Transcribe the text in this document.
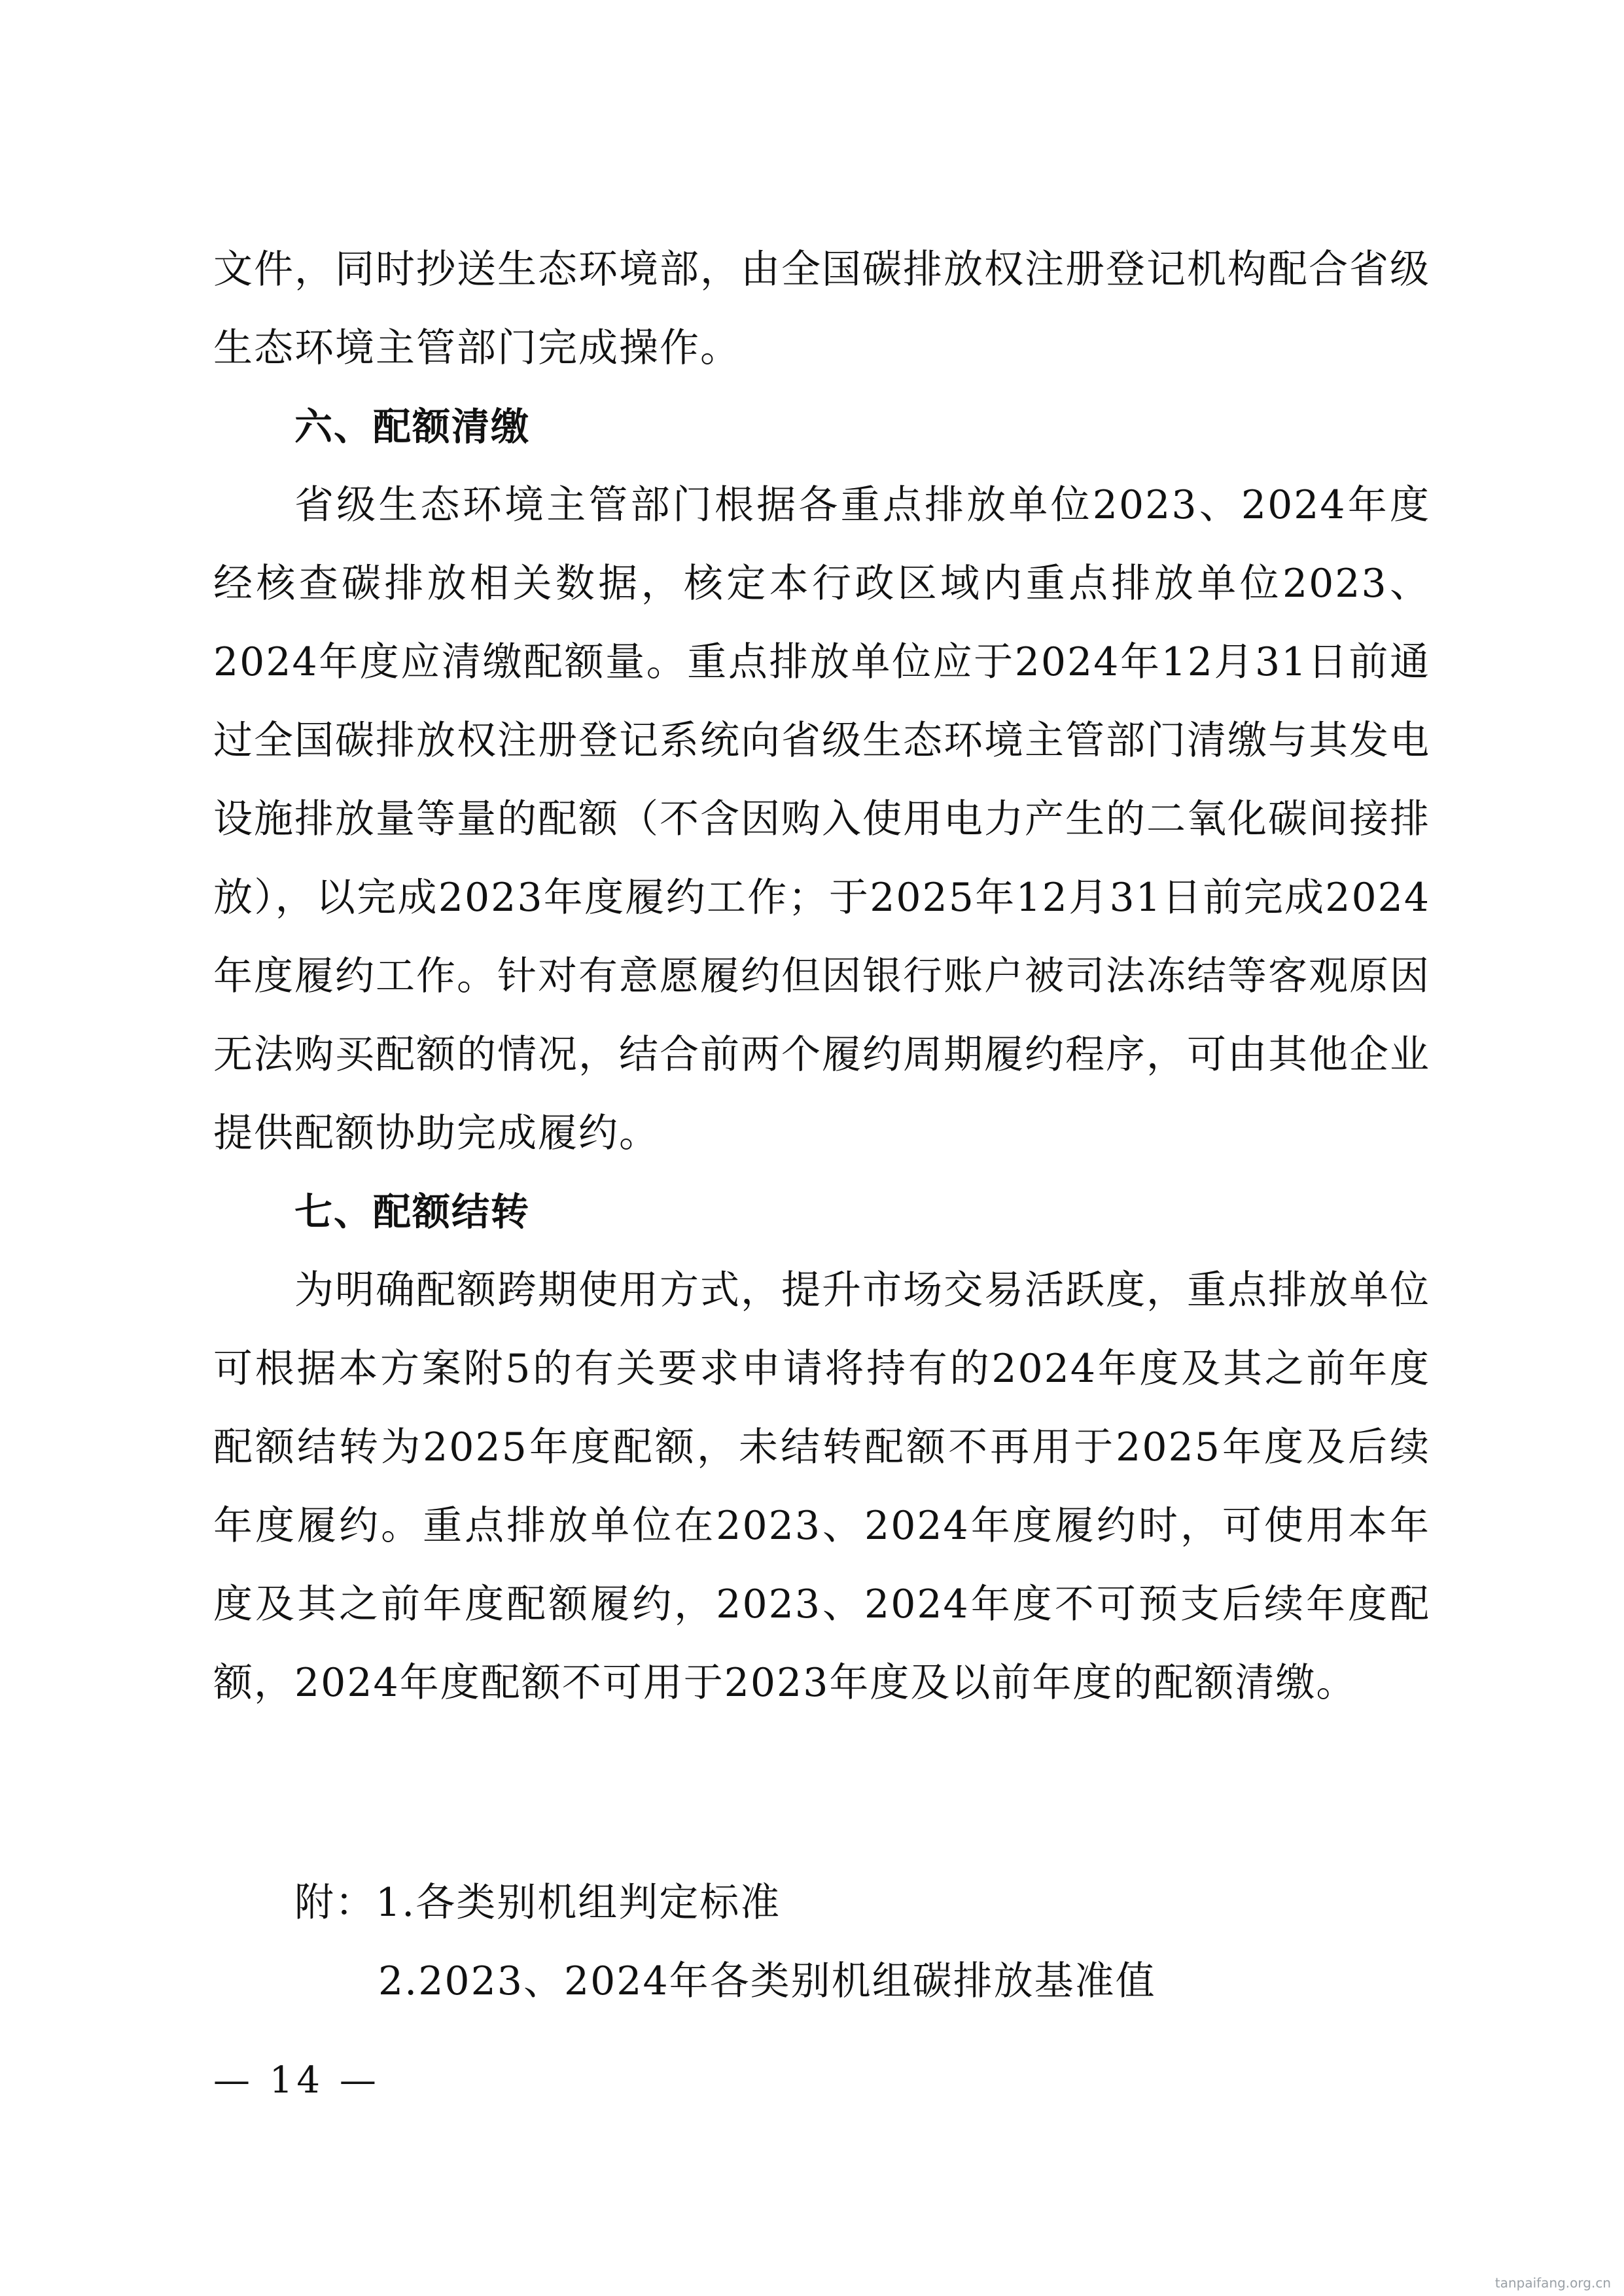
文件，同时抄送生态环境部，由全国碳排放权注册登记机构配合省级生态环境主管部门完成操作。

六、配额清缴

省级生态环境主管部门根据各重点排放单位2023、2024年度经核查碳排放相关数据，核定本行政区域内重点排放单位2023、2024年度应清缴配额量。重点排放单位应于2024年12月31日前通过全国碳排放权注册登记系统向省级生态环境主管部门清缴与其发电设施排放量等量的配额（不含因购入使用电力产生的二氧化碳间接排放），以完成2023年度履约工作；于2025年12月31日前完成2024年度履约工作。针对有意愿履约但因银行账户被司法冻结等客观原因无法购买配额的情况，结合前两个履约周期履约程序，可由其他企业提供配额协助完成履约。

七、配额结转

为明确配额跨期使用方式，提升市场交易活跃度，重点排放单位可根据本方案附5的有关要求申请将持有的2024年度及其之前年度配额结转为2025年度配额，未结转配额不再用于2025年度及后续年度履约。重点排放单位在2023、2024年度履约时，可使用本年度及其之前年度配额履约，2023、2024年度不可预支后续年度配额，2024年度配额不可用于2023年度及以前年度的配额清缴。

附：1.各类别机组判定标准
2.2023、2024年各类别机组碳排放基准值
— 14 —
tanpaifang.org.cn
